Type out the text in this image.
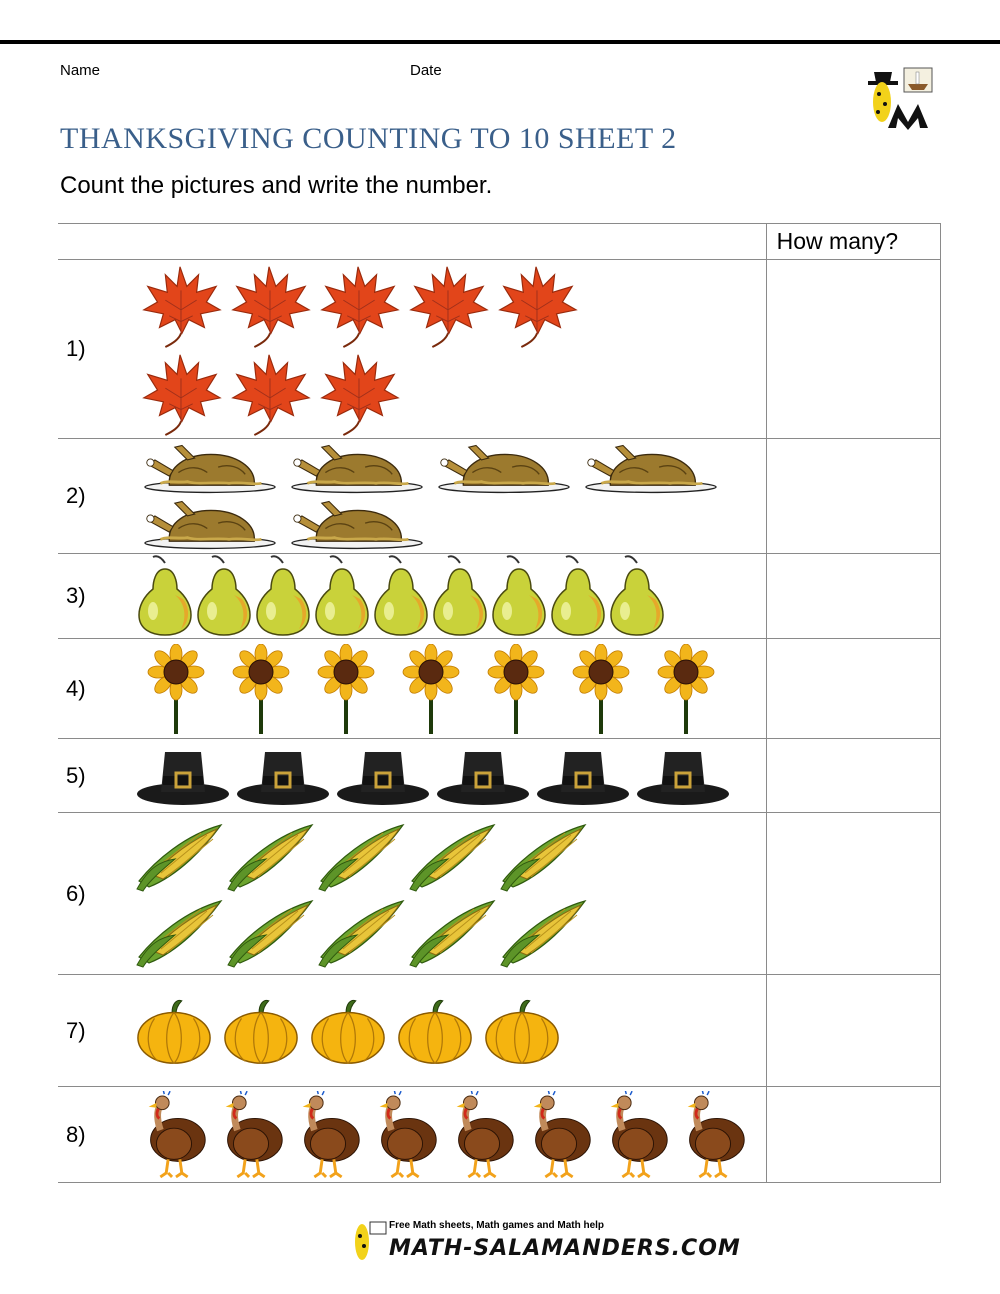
Name	Date
THANKSGIVING COUNTING TO 10 SHEET 2
Count the pictures and write the number.
		How many?
1)	

2)	

3)	

4)	

5)	

6)	

7)	

8)	

Free Math sheets, Math games and Math help
MATH-SALAMANDERS.COM
